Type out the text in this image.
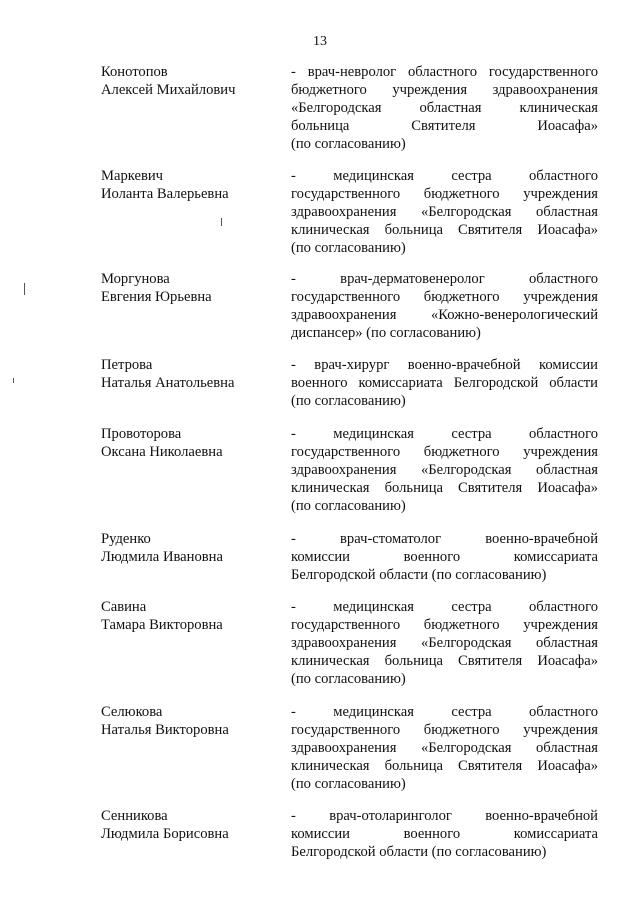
13
Конотопов
Алексей Михайлович
- врач-невролог областного государственного
бюджетного учреждения здравоохранения
«Белгородская областная клиническая
больница Святителя Иоасафа»
(по согласованию)
Маркевич
Иоланта Валерьевна
- медицинская сестра областного
государственного бюджетного учреждения
здравоохранения «Белгородская областная
клиническая больница Святителя Иоасафа»
(по согласованию)
Моргунова
Евгения Юрьевна
- врач-дерматовенеролог областного
государственного бюджетного учреждения
здравоохранения «Кожно-венерологический
диспансер» (по согласованию)
Петрова
Наталья Анатольевна
- врач-хирург военно-врачебной комиссии
военного комиссариата Белгородской области
(по согласованию)
Провоторова
Оксана Николаевна
- медицинская сестра областного
государственного бюджетного учреждения
здравоохранения «Белгородская областная
клиническая больница Святителя Иоасафа»
(по согласованию)
Руденко
Людмила Ивановна
- врач-стоматолог военно-врачебной
комиссии военного комиссариата
Белгородской области (по согласованию)
Савина
Тамара Викторовна
- медицинская сестра областного
государственного бюджетного учреждения
здравоохранения «Белгородская областная
клиническая больница Святителя Иоасафа»
(по согласованию)
Селюкова
Наталья Викторовна
- медицинская сестра областного
государственного бюджетного учреждения
здравоохранения «Белгородская областная
клиническая больница Святителя Иоасафа»
(по согласованию)
Сенникова
Людмила Борисовна
- врач-отоларинголог военно-врачебной
комиссии военного комиссариата
Белгородской области (по согласованию)
